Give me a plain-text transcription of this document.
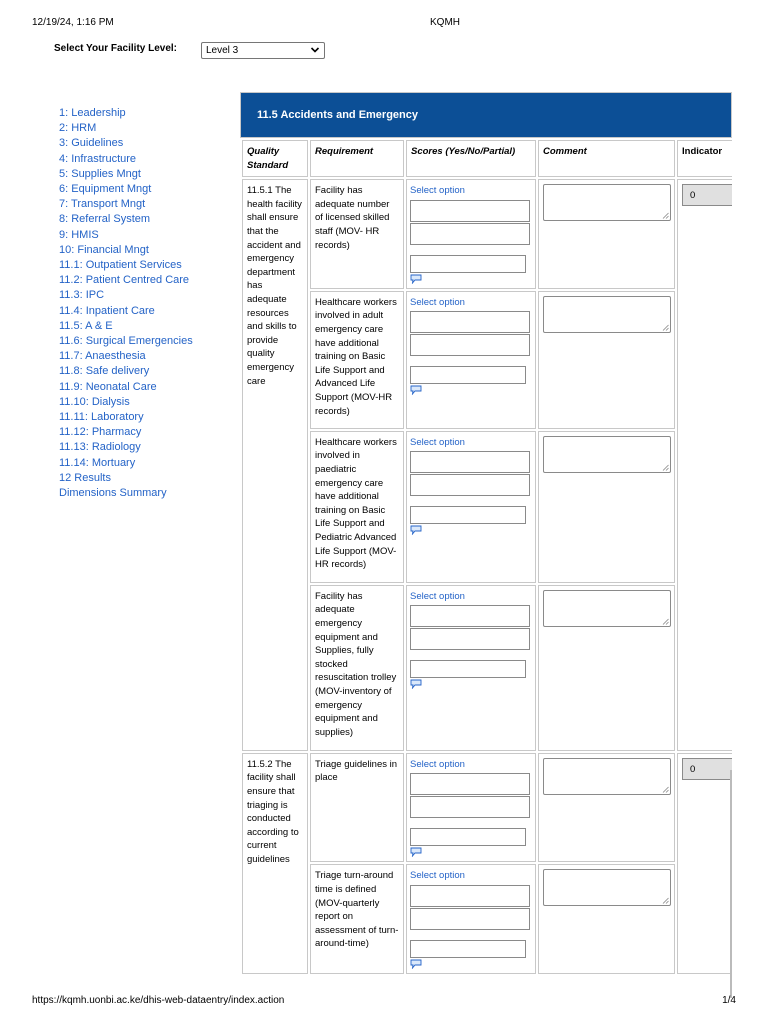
12/19/24, 1:16 PM	KQMH
Select Your Facility Level:	Level 3
1: Leadership
2: HRM
3: Guidelines
4: Infrastructure
5: Supplies Mngt
6: Equipment Mngt
7: Transport Mngt
8: Referral System
9: HMIS
10: Financial Mngt
11.1: Outpatient Services
11.2: Patient Centred Care
11.3: IPC
11.4: Inpatient Care
11.5: A & E
11.6: Surgical Emergencies
11.7: Anaesthesia
11.8: Safe delivery
11.9: Neonatal Care
11.10: Dialysis
11.11: Laboratory
11.12: Pharmacy
11.13: Radiology
11.14: Mortuary
12 Results
Dimensions Summary
11.5 Accidents and Emergency
Quality Standard	Requirement	Scores (Yes/No/Partial)	Comment	Indicator
11.5.1 The health facility shall ensure that the accident and emergency department has adequate resources and skills to provide quality emergency care	Facility has adequate number of licensed skilled staff (MOV- HR records)	Select option		0

	Healthcare workers involved in adult emergency care have additional training on Basic Life Support and Advanced Life Support (MOV-HR records)	Select option

	Healthcare workers involved in paediatric emergency care have additional training on Basic Life Support and Pediatric Advanced Life Support (MOV-HR records)	Select option

	Facility has adequate emergency equipment and Supplies, fully stocked resuscitation trolley (MOV-inventory of emergency equipment and supplies)	Select option

11.5.2 The facility shall ensure that triaging is conducted according to current guidelines	Triage guidelines in place	Select option		0

	Triage turn-around time is defined (MOV-quarterly report on assessment of turn-around-time)	Select option

https://kqmh.uonbi.ac.ke/dhis-web-dataentry/index.action	1/4
